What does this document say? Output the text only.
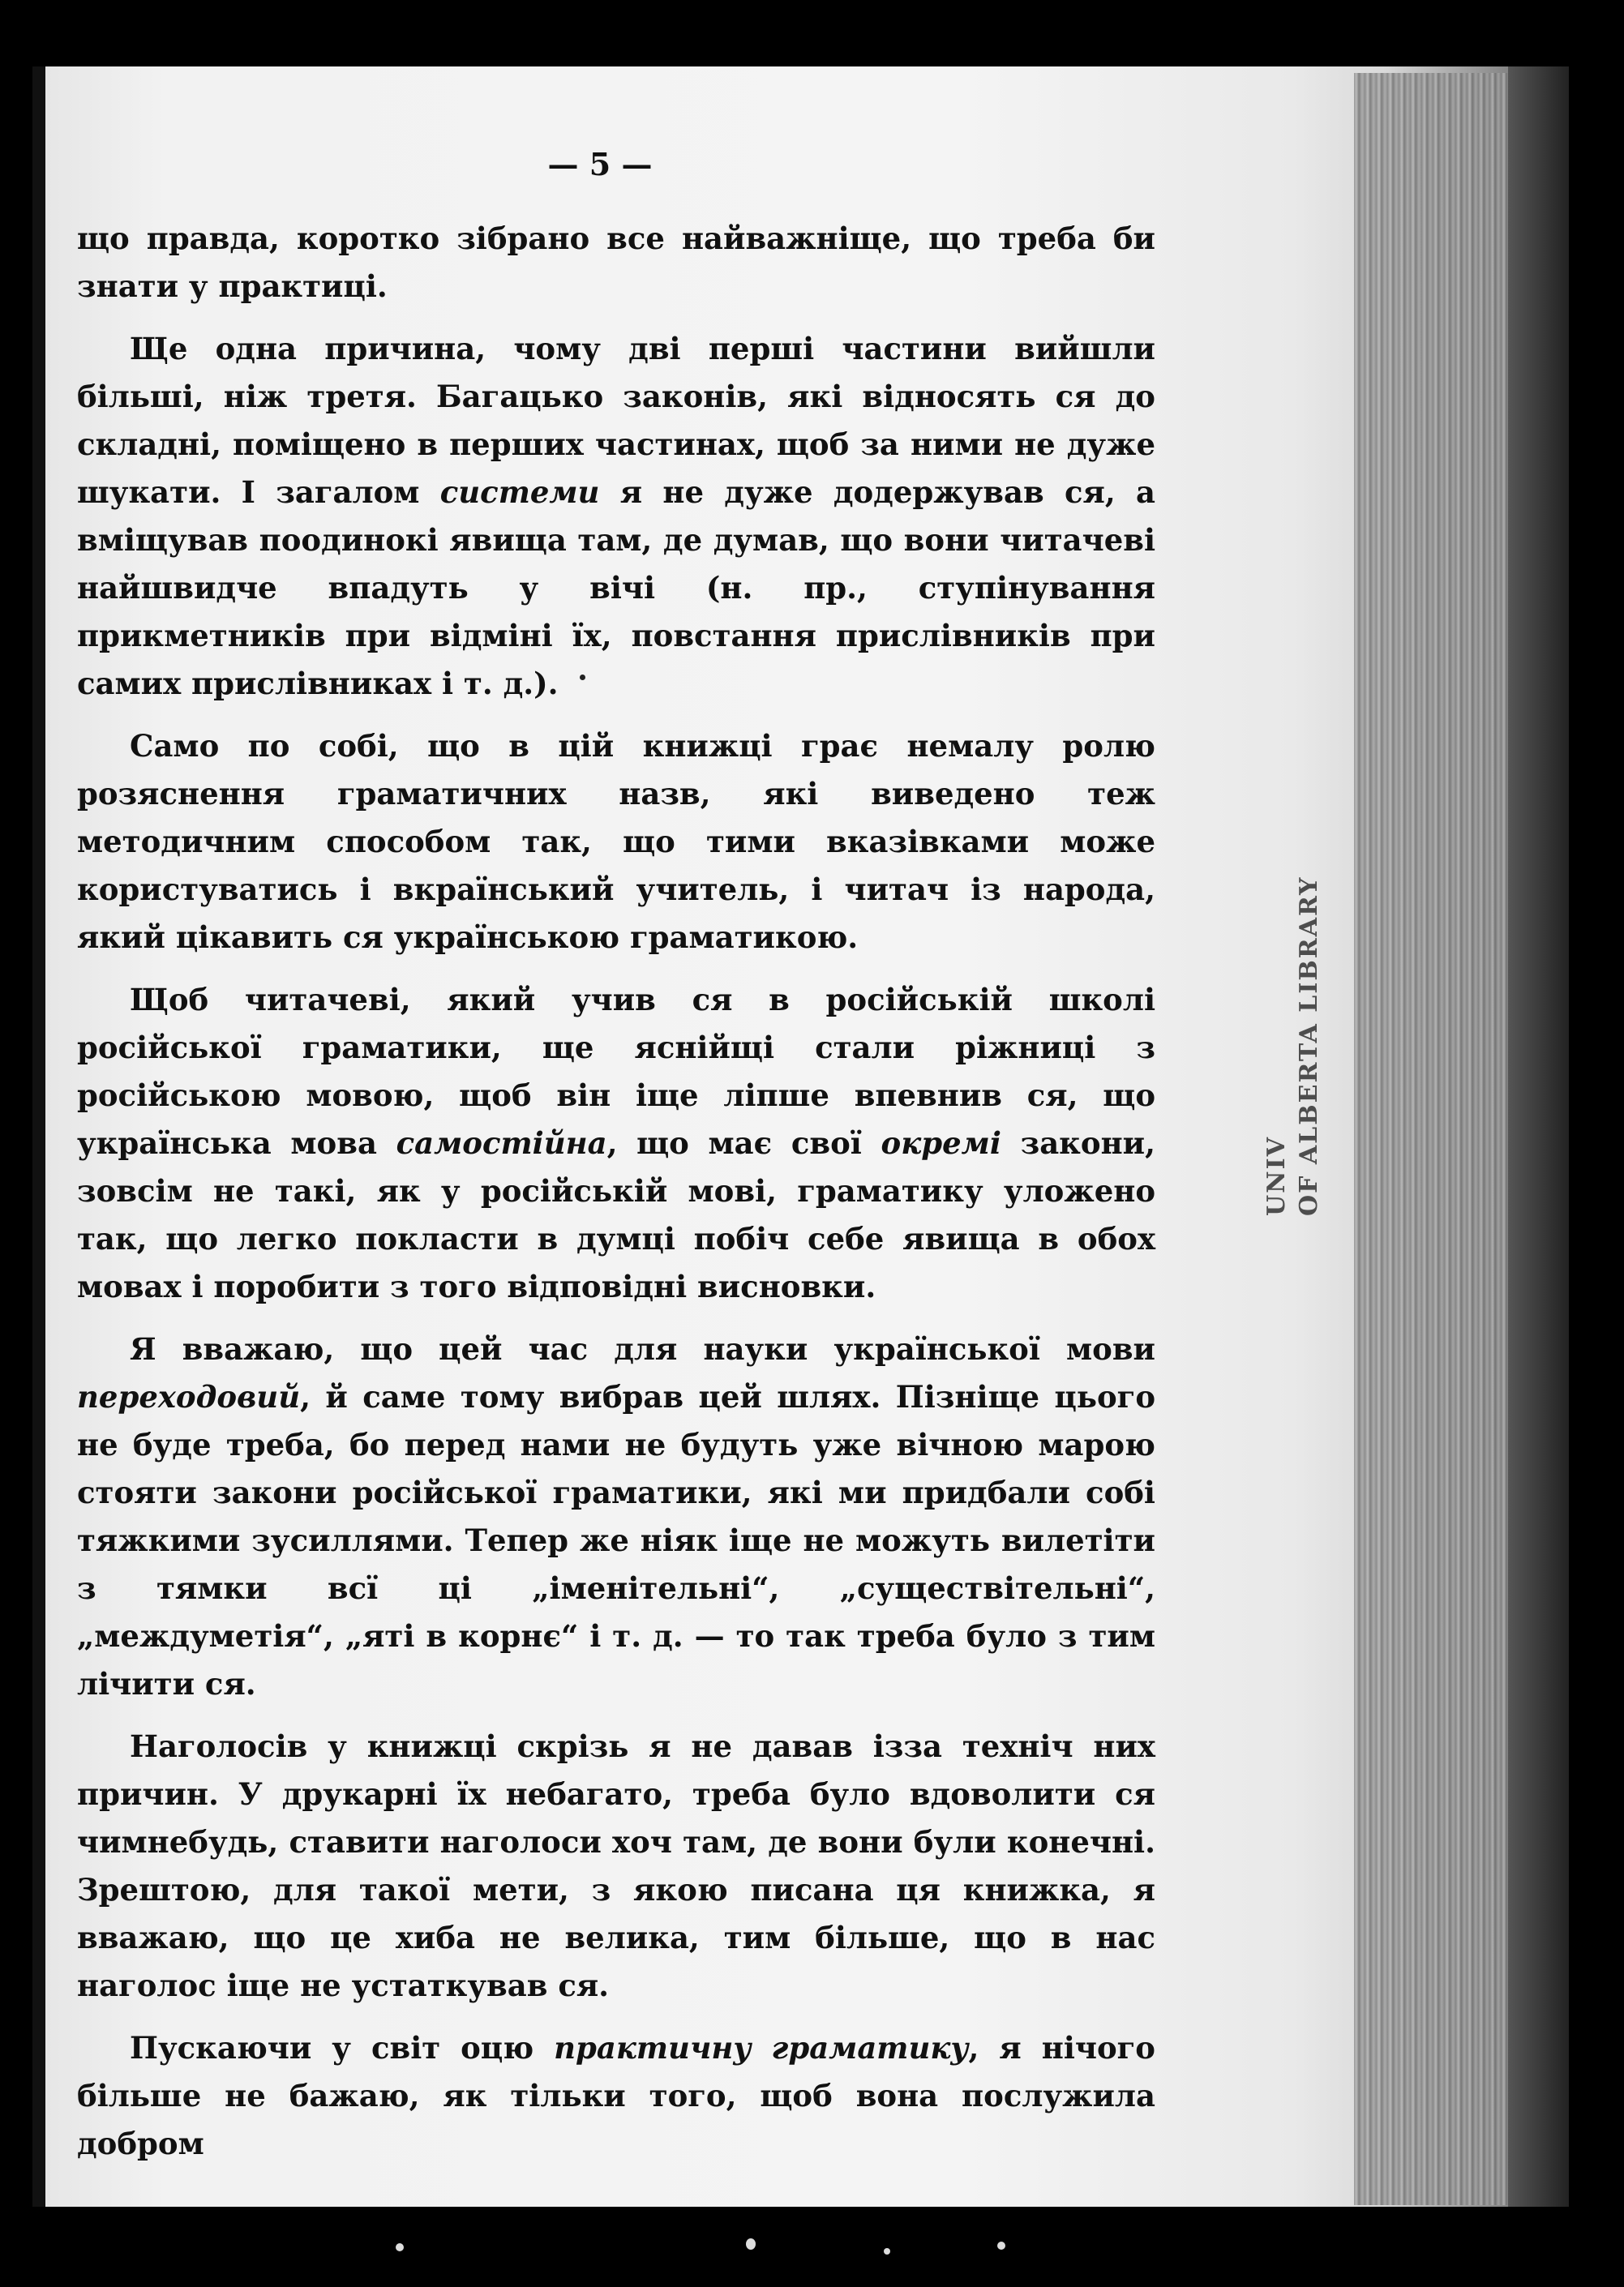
UNIV
— 5 —

що правда, коротко зібрано все найважніще, що треба би знати у практиці.

Ще одна причина, чому дві перші частини вийшли більші, ніж третя. Багацько законів, які відносять ся до складні, поміщено в перших частинах, щоб за ними не дуже шукати. І загалом системи я не дуже додержував ся, а вміщував поодинокі явища там, де думав, що вони читачеві найшвидче впадуть у вічі (н. пр., ступінування прикметників при відміні їх, повстання прислівників при самих прислівниках і т. д.).

Само по собі, що в цій книжці грає немалу ролю розяснення граматичних назв, які виведено теж методичним способом так, що тими вказівками може користуватись і вкраїнський учитель, і читач із народа, який цікавить ся українською граматикою.

Щоб читачеві, який учив ся в російській школі російської граматики, ще яснійщі стали ріжниці з російською мовою, щоб він іще ліпше впевнив ся, що українська мова самостійна, що має свої окремі закони, зовсім не такі, як у російській мові, граматику уложено так, що легко покласти в думці побіч себе явища в обох мовах і поробити з того відповідні висновки.

Я вважаю, що цей час для науки української мови переходовий, й саме тому вибрав цей шлях. Пізніще цього не буде треба, бо перед нами не будуть уже вічною марою стояти закони російської граматики, які ми придбали собі тяжкими зусиллями. Тепер же ніяк іще не можуть вилетіти з тямки всї ці „іменітельні“, „существітельні“, „междуметія“, „яті в корнє“ і т. д. — то так треба було з тим лічити ся.

Наголосів у книжці скрізь я не давав ізза техніч них причин. У друкарні їх небагато, треба було вдоволити ся чимнебудь, ставити наголоси хоч там, де вони були конечні. Зрештою, для такої мети, з якою писана ця книжка, я вважаю, що це хиба не велика, тим більше, що в нас наголос іще не устаткував ся.

Пускаючи у світ оцю практичну граматику, я нічого більше не бажаю, як тільки того, щоб вона послужила добром
